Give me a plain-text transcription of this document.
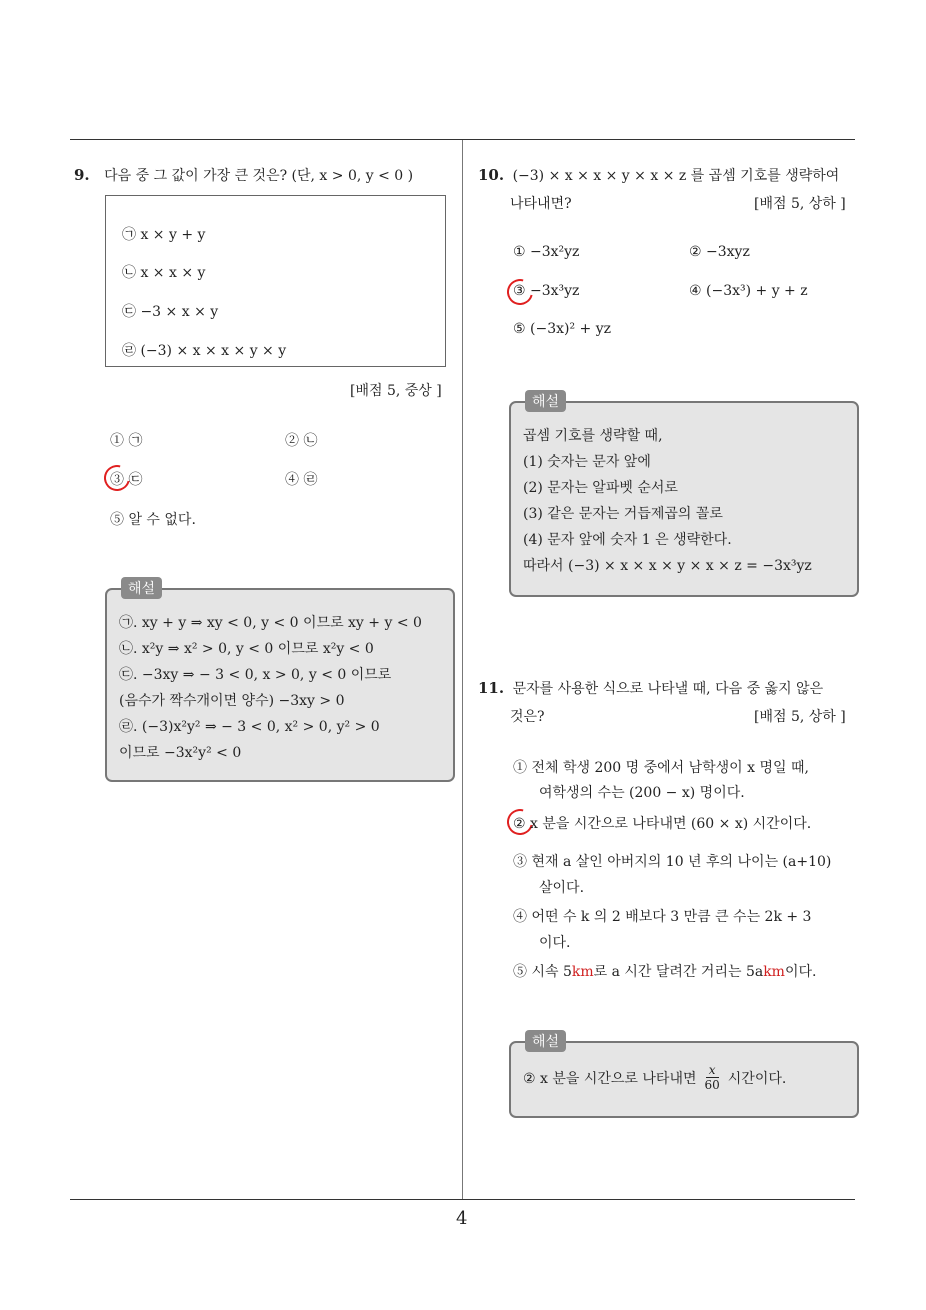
9. 다음 중 그 값이 가장 큰 것은? (단, x > 0, y < 0 )
㉠ x × y + y
㉡ x × x × y
㉢ −3 × x × y
㉣ (−3) × x × x × y × y
[배점 5, 중상 ]
① ㉠	② ㉡
③ ㉢	④ ㉣
⑤ 알 수 없다.
해설
㉠. xy + y ⇒ xy < 0, y < 0 이므로 xy + y < 0
㉡. x²y ⇒ x² > 0, y < 0 이므로 x²y < 0
㉢. −3xy ⇒ − 3 < 0, x > 0, y < 0 이므로
(음수가 짝수개이면 양수) −3xy > 0
㉣. (−3)x²y² ⇒ − 3 < 0, x² > 0, y² > 0
이므로 −3x²y² < 0
10. (−3) × x × x × y × x × z 를 곱셈 기호를 생략하여
나타내면?	[배점 5, 상하 ]
① −3x²yz	② −3xyz
③ −3x³yz	④ (−3x³) + y + z
⑤ (−3x)² + yz
해설
곱셈 기호를 생략할 때,
(1) 숫자는 문자 앞에
(2) 문자는 알파벳 순서로
(3) 같은 문자는 거듭제곱의 꼴로
(4) 문자 앞에 숫자 1 은 생략한다.
따라서 (−3) × x × x × y × x × z = −3x³yz
11. 문자를 사용한 식으로 나타낼 때, 다음 중 옳지 않은
것은?	[배점 5, 상하 ]
① 전체 학생 200 명 중에서 남학생이 x 명일 때,
여학생의 수는 (200 − x) 명이다.
② x 분을 시간으로 나타내면 (60 × x) 시간이다.
③ 현재 a 살인 아버지의 10 년 후의 나이는 (a+10)
살이다.
④ 어떤 수 k 의 2 배보다 3 만큼 큰 수는 2k + 3
이다.
⑤ 시속 5km로 a 시간 달려간 거리는 5akm이다.
해설
② x 분을 시간으로 나타내면 $\frac{x}{60}$ 시간이다.
4
